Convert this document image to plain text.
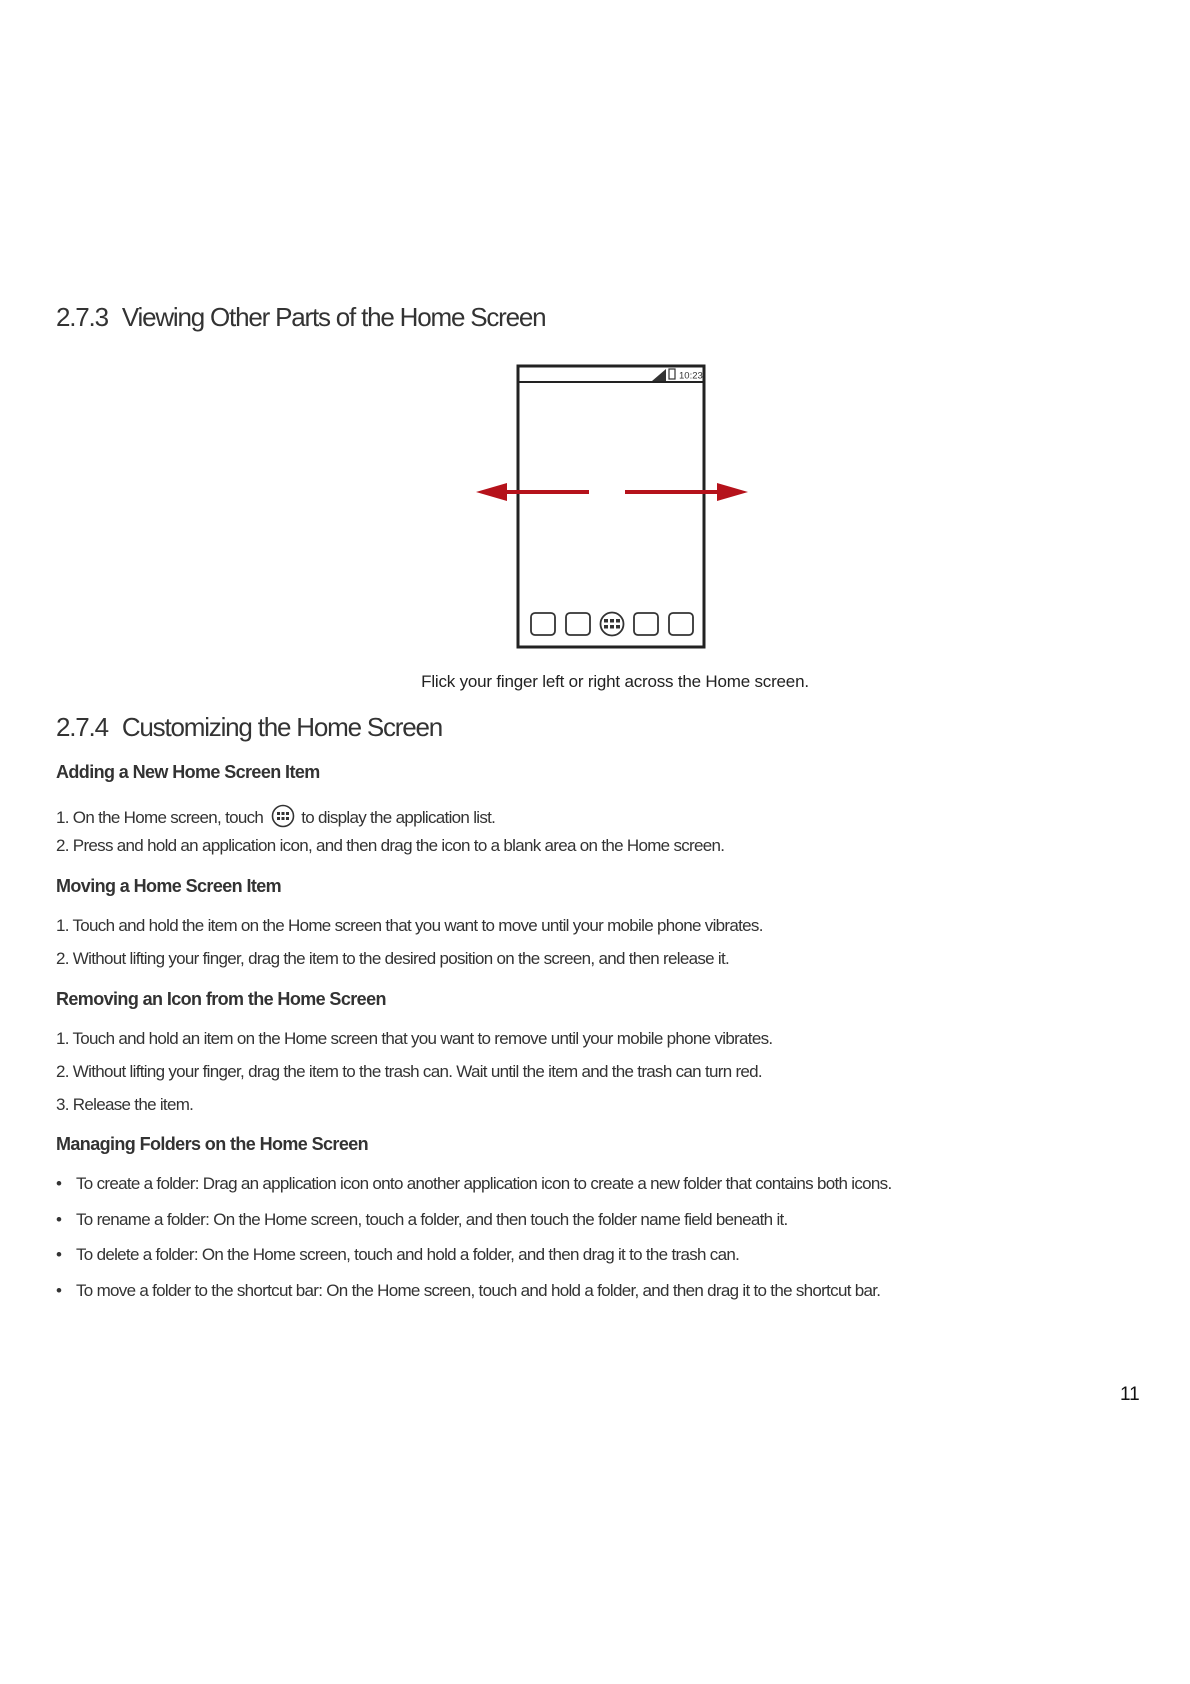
2.7.3 Viewing Other Parts of the Home Screen
10:23
Flick your finger left or right across the Home screen.
2.7.4 Customizing the Home Screen
Adding a New Home Screen Item

1. On the Home screen, touch to display the application list.

2. Press and hold an application icon, and then drag the icon to a blank area on the Home screen.

Moving a Home Screen Item

1. Touch and hold the item on the Home screen that you want to move until your mobile phone vibrates.

2. Without lifting your finger, drag the item to the desired position on the screen, and then release it.

Removing an Icon from the Home Screen

1. Touch and hold an item on the Home screen that you want to remove until your mobile phone vibrates.

2. Without lifting your finger, drag the item to the trash can. Wait until the item and the trash can turn red.

3. Release the item.

Managing Folders on the Home Screen

• To create a folder: Drag an application icon onto another application icon to create a new folder that contains both icons.

• To rename a folder: On the Home screen, touch a folder, and then touch the folder name field beneath it.

• To delete a folder: On the Home screen, touch and hold a folder, and then drag it to the trash can.

• To move a folder to the shortcut bar: On the Home screen, touch and hold a folder, and then drag it to the shortcut bar.

11
